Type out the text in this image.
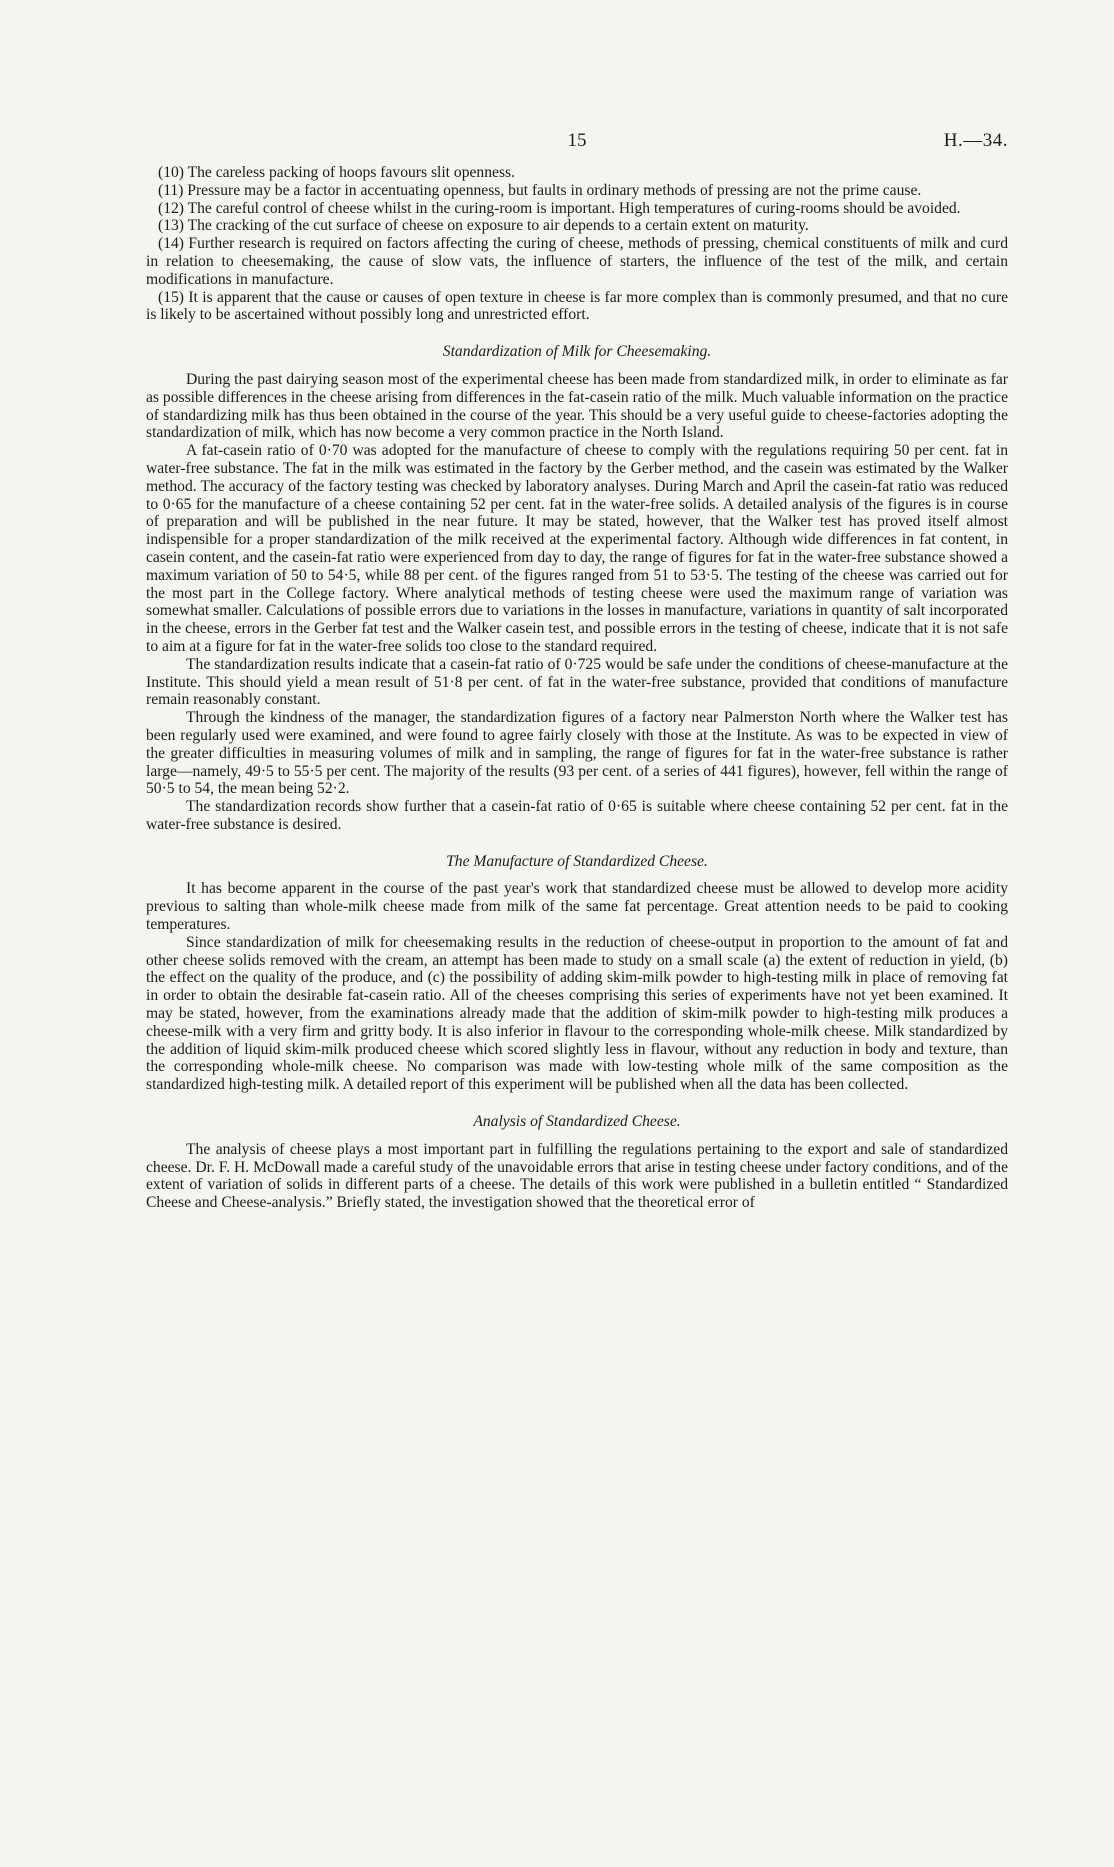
15	H.—34.

(10) The careless packing of hoops favours slit openness.

(11) Pressure may be a factor in accentuating openness, but faults in ordinary methods of pressing are not the prime cause.

(12) The careful control of cheese whilst in the curing-room is important. High temperatures of curing-rooms should be avoided.

(13) The cracking of the cut surface of cheese on exposure to air depends to a certain extent on maturity.

(14) Further research is required on factors affecting the curing of cheese, methods of pressing, chemical constituents of milk and curd in relation to cheesemaking, the cause of slow vats, the influence of starters, the influence of the test of the milk, and certain modifications in manufacture.

(15) It is apparent that the cause or causes of open texture in cheese is far more complex than is commonly presumed, and that no cure is likely to be ascertained without possibly long and unrestricted effort.

Standardization of Milk for Cheesemaking.

During the past dairying season most of the experimental cheese has been made from standardized milk, in order to eliminate as far as possible differences in the cheese arising from differences in the fat-casein ratio of the milk. Much valuable information on the practice of standardizing milk has thus been obtained in the course of the year. This should be a very useful guide to cheese-factories adopting the standardization of milk, which has now become a very common practice in the North Island.

A fat-casein ratio of 0·70 was adopted for the manufacture of cheese to comply with the regulations requiring 50 per cent. fat in water-free substance. The fat in the milk was estimated in the factory by the Gerber method, and the casein was estimated by the Walker method. The accuracy of the factory testing was checked by laboratory analyses. During March and April the casein-fat ratio was reduced to 0·65 for the manufacture of a cheese containing 52 per cent. fat in the water-free solids. A detailed analysis of the figures is in course of preparation and will be published in the near future. It may be stated, however, that the Walker test has proved itself almost indispensible for a proper standardization of the milk received at the experimental factory. Although wide differences in fat content, in casein content, and the casein-fat ratio were experienced from day to day, the range of figures for fat in the water-free substance showed a maximum variation of 50 to 54·5, while 88 per cent. of the figures ranged from 51 to 53·5. The testing of the cheese was carried out for the most part in the College factory. Where analytical methods of testing cheese were used the maximum range of variation was somewhat smaller. Calculations of possible errors due to variations in the losses in manufacture, variations in quantity of salt incorporated in the cheese, errors in the Gerber fat test and the Walker casein test, and possible errors in the testing of cheese, indicate that it is not safe to aim at a figure for fat in the water-free solids too close to the standard required.

The standardization results indicate that a casein-fat ratio of 0·725 would be safe under the conditions of cheese-manufacture at the Institute. This should yield a mean result of 51·8 per cent. of fat in the water-free substance, provided that conditions of manufacture remain reasonably constant.

Through the kindness of the manager, the standardization figures of a factory near Palmerston North where the Walker test has been regularly used were examined, and were found to agree fairly closely with those at the Institute. As was to be expected in view of the greater difficulties in measuring volumes of milk and in sampling, the range of figures for fat in the water-free substance is rather large—namely, 49·5 to 55·5 per cent. The majority of the results (93 per cent. of a series of 441 figures), however, fell within the range of 50·5 to 54, the mean being 52·2.

The standardization records show further that a casein-fat ratio of 0·65 is suitable where cheese containing 52 per cent. fat in the water-free substance is desired.

The Manufacture of Standardized Cheese.

It has become apparent in the course of the past year's work that standardized cheese must be allowed to develop more acidity previous to salting than whole-milk cheese made from milk of the same fat percentage. Great attention needs to be paid to cooking temperatures.

Since standardization of milk for cheesemaking results in the reduction of cheese-output in proportion to the amount of fat and other cheese solids removed with the cream, an attempt has been made to study on a small scale (a) the extent of reduction in yield, (b) the effect on the quality of the produce, and (c) the possibility of adding skim-milk powder to high-testing milk in place of removing fat in order to obtain the desirable fat-casein ratio. All of the cheeses comprising this series of experiments have not yet been examined. It may be stated, however, from the examinations already made that the addition of skim-milk powder to high-testing milk produces a cheese-milk with a very firm and gritty body. It is also inferior in flavour to the corresponding whole-milk cheese. Milk standardized by the addition of liquid skim-milk produced cheese which scored slightly less in flavour, without any reduction in body and texture, than the corresponding whole-milk cheese. No comparison was made with low-testing whole milk of the same composition as the standardized high-testing milk. A detailed report of this experiment will be published when all the data has been collected.

Analysis of Standardized Cheese.

The analysis of cheese plays a most important part in fulfilling the regulations pertaining to the export and sale of standardized cheese. Dr. F. H. McDowall made a careful study of the unavoidable errors that arise in testing cheese under factory conditions, and of the extent of variation of solids in different parts of a cheese. The details of this work were published in a bulletin entitled “ Standardized Cheese and Cheese-analysis.” Briefly stated, the investigation showed that the theoretical error of
